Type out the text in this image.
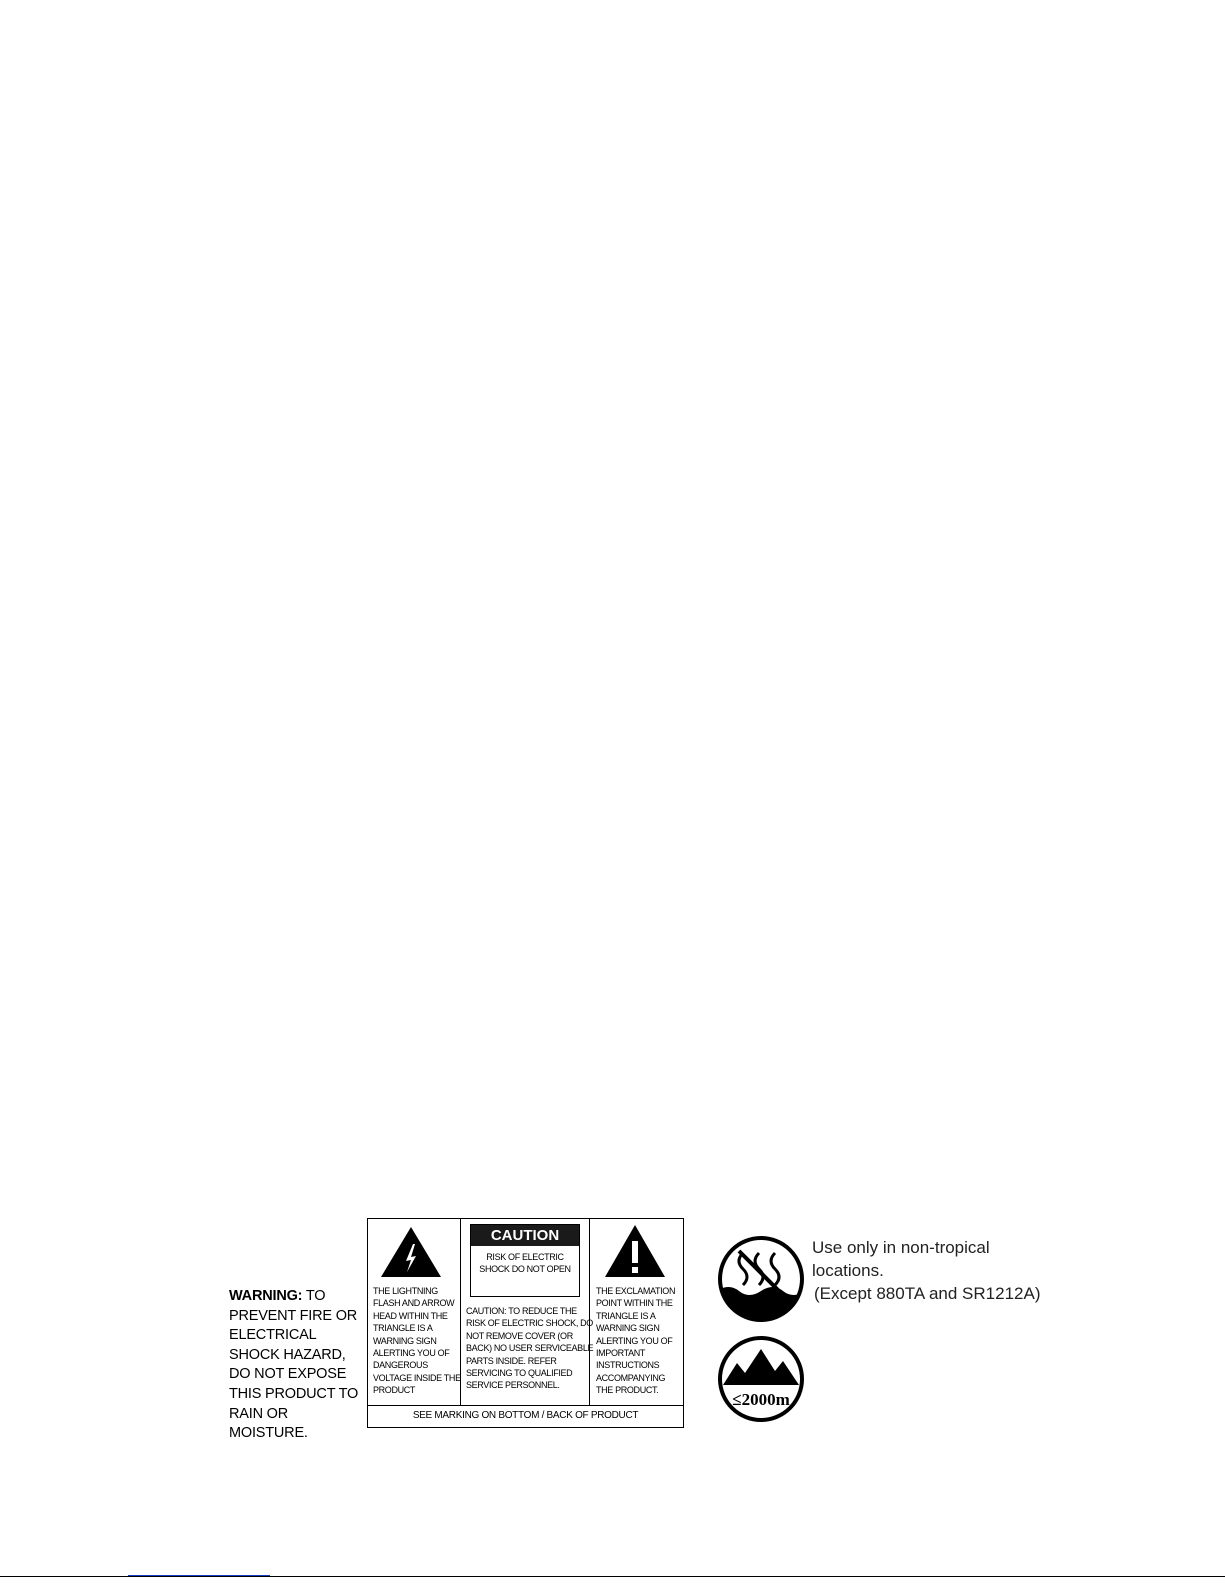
WARNING: TO PREVENT FIRE OR ELECTRICAL SHOCK HAZARD, DO NOT EXPOSE THIS PRODUCT TO RAIN OR MOISTURE.
THE LIGHTNING FLASH AND ARROW HEAD WITHIN THE TRIANGLE IS A WARNING SIGN ALERTING YOU OF DANGEROUS VOLTAGE INSIDE THE PRODUCT
CAUTION
RISK OF ELECTRIC SHOCK DO NOT OPEN
CAUTION: TO REDUCE THE RISK OF ELECTRIC SHOCK, DO NOT REMOVE COVER (OR BACK) NO USER SERVICEABLE PARTS INSIDE. REFER SERVICING TO QUALIFIED SERVICE PERSONNEL.
THE EXCLAMATION POINT WITHIN THE TRIANGLE IS A WARNING SIGN ALERTING YOU OF IMPORTANT INSTRUCTIONS ACCOMPANYING THE PRODUCT.
SEE MARKING ON BOTTOM / BACK OF PRODUCT
Use only in non-tropical
locations.
(Except 880TA and SR1212A)
≤2000m
